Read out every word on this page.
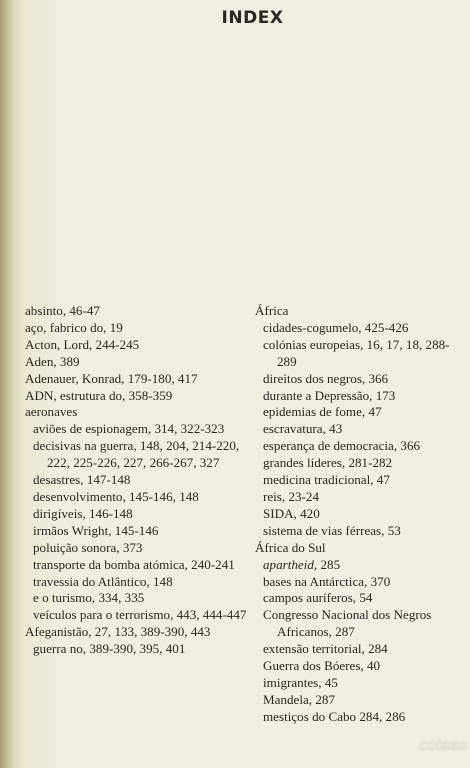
INDEX
absinto, 46-47
aço, fabrico do, 19
Acton, Lord, 244-245
Aden, 389
Adenauer, Konrad, 179-180, 417
ADN, estrutura do, 358-359
aeronaves
aviões de espionagem, 314, 322-323
decisivas na guerra, 148, 204, 214-220, 222, 225-226, 227, 266-267, 327
desastres, 147-148
desenvolvimento, 145-146, 148
dirigíveis, 146-148
irmãos Wright, 145-146
poluição sonora, 373
transporte da bomba atómica, 240-241
travessia do Atlântico, 148
e o turismo, 334, 335
veículos para o terrorismo, 443, 444-447
Afeganistão, 27, 133, 389-390, 443
guerra no, 389-390, 395, 401
África
cidades-cogumelo, 425-426
colónias europeias, 16, 17, 18, 288-289
direitos dos negros, 366
durante a Depressão, 173
epidemias de fome, 47
escravatura, 43
esperança de democracia, 366
grandes líderes, 281-282
medicina tradicional, 47
reis, 23-24
SIDA, 420
sistema de vias férreas, 53
África do Sul
apartheid, 285
bases na Antárctica, 370
campos auríferos, 54
Congresso Nacional dos Negros Africanos, 287
extensão territorial, 284
Guerra dos Bóeres, 40
imigrantes, 45
Mandela, 287
mestiços do Cabo 284, 286
coisas
